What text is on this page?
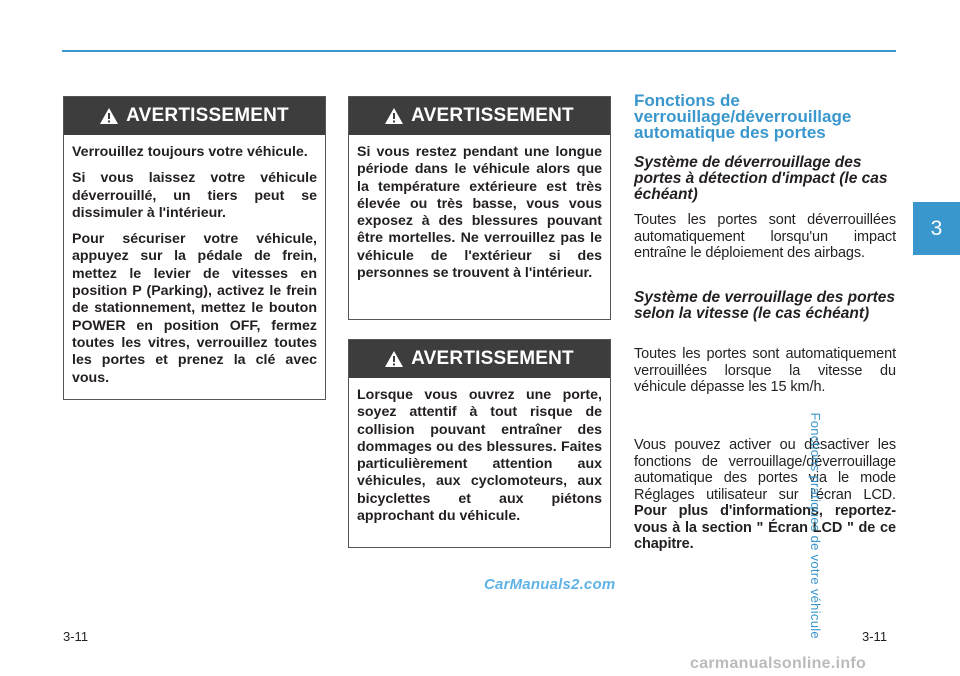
AVERTISSEMENT

Verrouillez toujours votre véhicule.

Si vous laissez votre véhicule déverrouillé, un tiers peut se dissimuler à l'intérieur.

Pour sécuriser votre véhicule, appuyez sur la pédale de frein, mettez le levier de vitesses en position P (Parking), activez le frein de stationnement, mettez le bouton POWER en position OFF, fermez toutes les vitres, verrouillez toutes les portes et prenez la clé avec vous.

AVERTISSEMENT

Si vous restez pendant une longue période dans le véhicule alors que la température extérieure est très élevée ou très basse, vous vous exposez à des blessures pouvant être mortelles. Ne verrouillez pas le véhicule de l'extérieur si des personnes se trouvent à l'intérieur.

AVERTISSEMENT

Lorsque vous ouvrez une porte, soyez attentif à tout risque de collision pouvant entraîner des dommages ou des blessures. Faites particulièrement attention aux véhicules, aux cyclomoteurs, aux bicyclettes et aux piétons approchant du véhicule.

Fonctions de verrouillage/déverrouillage automatique des portes
Système de déverrouillage des portes à détection d'impact (le cas échéant)

Toutes les portes sont déverrouillées automatiquement lorsqu'un impact entraîne le déploiement des airbags.

Système de verrouillage des portes selon la vitesse (le cas échéant)

Toutes les portes sont automatiquement verrouillées lorsque la vitesse du véhicule dépasse les 15 km/h.

Vous pouvez activer ou désactiver les fonctions de verrouillage/déverrouillage automatique des portes via le mode Réglages utilisateur sur l'écran LCD. Pour plus d'informations, reportez-vous à la section " Écran LCD " de ce chapitre.

3
Fonctions pratiques de votre véhicule
3-11	3-11
CarManuals2.com
carmanualsonline.info
